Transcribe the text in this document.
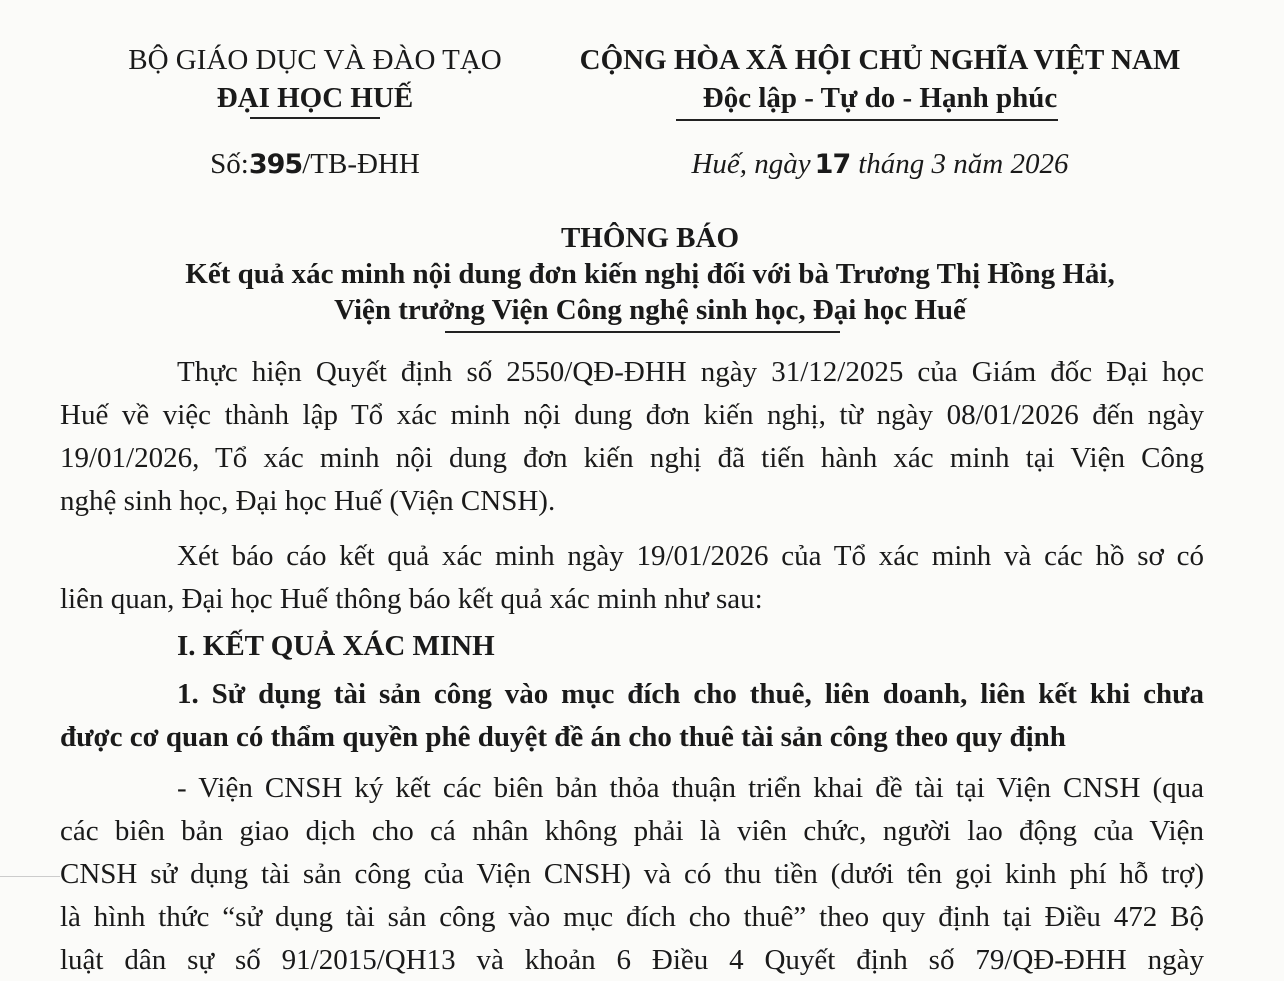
BỘ GIÁO DỤC VÀ ĐÀO TẠO
ĐẠI HỌC HUẾ
Số:395/TB-ĐHH
CỘNG HÒA XÃ HỘI CHỦ NGHĨA VIỆT NAM
Độc lập - Tự do - Hạnh phúc
Huế, ngày 17 tháng 3 năm 2026
THÔNG BÁO
Kết quả xác minh nội dung đơn kiến nghị đối với bà Trương Thị Hồng Hải,
Viện trưởng Viện Công nghệ sinh học, Đại học Huế
Thực hiện Quyết định số 2550/QĐ-ĐHH ngày 31/12/2025 của Giám đốc Đại học
Huế về việc thành lập Tổ xác minh nội dung đơn kiến nghị, từ ngày 08/01/2026 đến ngày
19/01/2026, Tổ xác minh nội dung đơn kiến nghị đã tiến hành xác minh tại Viện Công
nghệ sinh học, Đại học Huế (Viện CNSH).
Xét báo cáo kết quả xác minh ngày 19/01/2026 của Tổ xác minh và các hồ sơ có
liên quan, Đại học Huế thông báo kết quả xác minh như sau:
I. KẾT QUẢ XÁC MINH
1. Sử dụng tài sản công vào mục đích cho thuê, liên doanh, liên kết khi chưa
được cơ quan có thẩm quyền phê duyệt đề án cho thuê tài sản công theo quy định
- Viện CNSH ký kết các biên bản thỏa thuận triển khai đề tài tại Viện CNSH (qua
các biên bản giao dịch cho cá nhân không phải là viên chức, người lao động của Viện
CNSH sử dụng tài sản công của Viện CNSH) và có thu tiền (dưới tên gọi kinh phí hỗ trợ)
là hình thức “sử dụng tài sản công vào mục đích cho thuê” theo quy định tại Điều 472 Bộ
luật dân sự số 91/2015/QH13 và khoản 6 Điều 4 Quyết định số 79/QĐ-ĐHH ngày
